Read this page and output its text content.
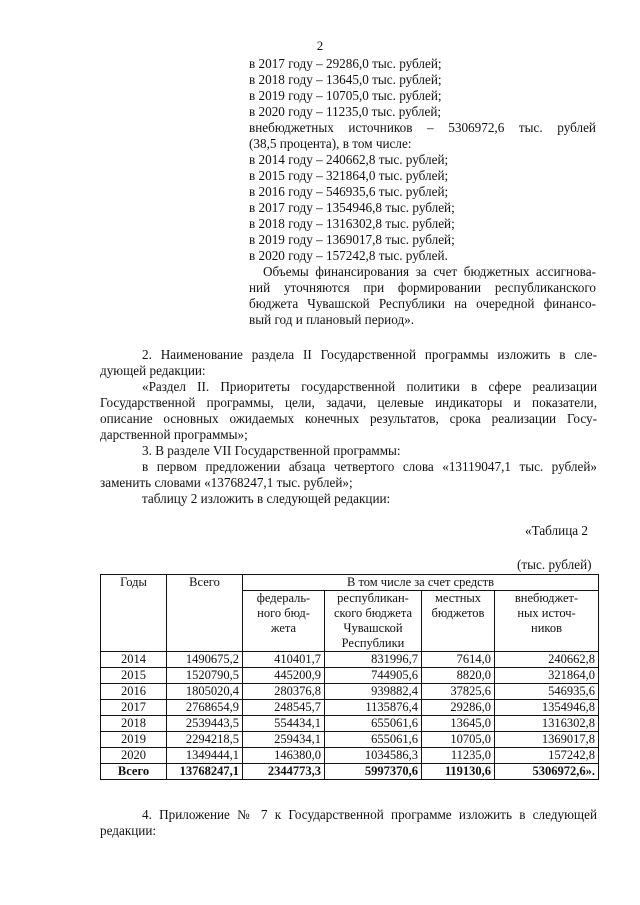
2
в 2017 году – 29286,0 тыс. рублей;
в 2018 году – 13645,0 тыс. рублей;
в 2019 году – 10705,0 тыс. рублей;
в 2020 году – 11235,0 тыс. рублей;
внебюджетных источников – 5306972,6 тыс. рублей
(38,5 процента), в том числе:
в 2014 году – 240662,8 тыс. рублей;
в 2015 году – 321864,0 тыс. рублей;
в 2016 году – 546935,6 тыс. рублей;
в 2017 году – 1354946,8 тыс. рублей;
в 2018 году – 1316302,8 тыс. рублей;
в 2019 году – 1369017,8 тыс. рублей;
в 2020 году – 157242,8 тыс. рублей.
Объемы финансирования за счет бюджетных ассигнова-
ний уточняются при формировании республиканского
бюджета Чувашской Республики на очередной финансо-
вый год и плановый период».
2. Наименование раздела II Государственной программы изложить в сле-
дующей редакции:
«Раздел II. Приоритеты государственной политики в сфере реализации
Государственной программы, цели, задачи, целевые индикаторы и показатели,
описание основных ожидаемых конечных результатов, срока реализации Госу-
дарственной программы»;
3. В разделе VII Государственной программы:
в первом предложении абзаца четвертого слова «13119047,1 тыс. рублей»
заменить словами «13768247,1 тыс. рублей»;
таблицу 2 изложить в следующей редакции:
«Таблица 2
(тыс. рублей)
Годы	Всего	В том числе за счет средств			
		федераль-
ного бюд-
жета	республикан-
ского бюджета
Чувашской
Республики	местных
бюджетов	внебюджет-
ных источ-
ников
2014	1490675,2	410401,7	831996,7	7614,0	240662,8
2015	1520790,5	445200,9	744905,6	8820,0	321864,0
2016	1805020,4	280376,8	939882,4	37825,6	546935,6
2017	2768654,9	248545,7	1135876,4	29286,0	1354946,8
2018	2539443,5	554434,1	655061,6	13645,0	1316302,8
2019	2294218,5	259434,1	655061,6	10705,0	1369017,8
2020	1349444,1	146380,0	1034586,3	11235,0	157242,8
Всего	13768247,1	2344773,3	5997370,6	119130,6	5306972,6».
4. Приложение № 7 к Государственной программе изложить в следующей
редакции:
